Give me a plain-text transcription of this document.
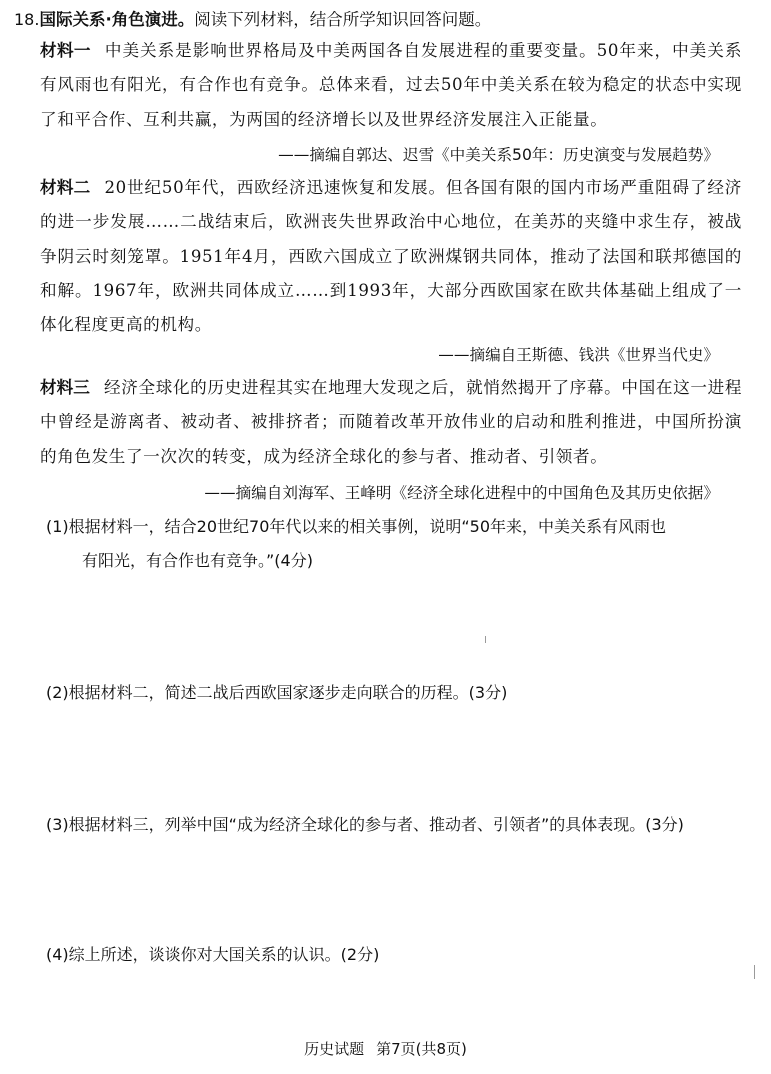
18.国际关系·角色演进。阅读下列材料，结合所学知识回答问题。
材料一 中美关系是影响世界格局及中美两国各自发展进程的重要变量。50年来，中美关系有风雨也有阳光，有合作也有竞争。总体来看，过去50年中美关系在较为稳定的状态中实现了和平合作、互利共赢，为两国的经济增长以及世界经济发展注入正能量。
——摘编自郭达、迟雪《中美关系50年：历史演变与发展趋势》
材料二 20世纪50年代，西欧经济迅速恢复和发展。但各国有限的国内市场严重阻碍了经济的进一步发展……二战结束后，欧洲丧失世界政治中心地位，在美苏的夹缝中求生存，被战争阴云时刻笼罩。1951年4月，西欧六国成立了欧洲煤钢共同体，推动了法国和联邦德国的和解。1967年，欧洲共同体成立……到1993年，大部分西欧国家在欧共体基础上组成了一体化程度更高的机构。
——摘编自王斯德、钱洪《世界当代史》
材料三 经济全球化的历史进程其实在地理大发现之后，就悄然揭开了序幕。中国在这一进程中曾经是游离者、被动者、被排挤者；而随着改革开放伟业的启动和胜利推进，中国所扮演的角色发生了一次次的转变，成为经济全球化的参与者、推动者、引领者。
——摘编自刘海军、王峰明《经济全球化进程中的中国角色及其历史依据》
(1)根据材料一，结合20世纪70年代以来的相关事例，说明“50年来，中美关系有风雨也
有阳光，有合作也有竞争。”(4分)
(2)根据材料二，简述二战后西欧国家逐步走向联合的历程。(3分)
(3)根据材料三，列举中国“成为经济全球化的参与者、推动者、引领者”的具体表现。(3分)
(4)综上所述，谈谈你对大国关系的认识。(2分)
历史试题 第7页(共8页)
